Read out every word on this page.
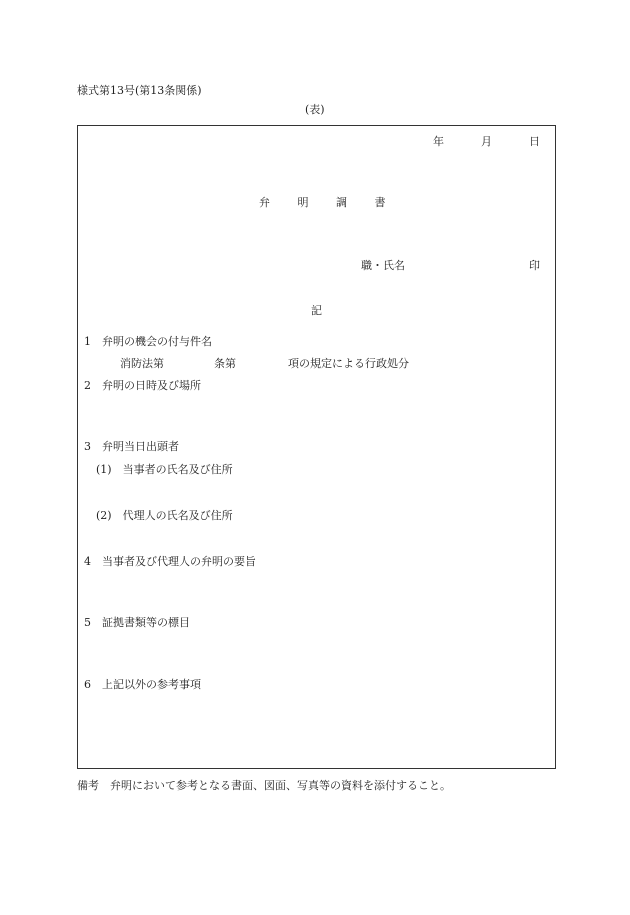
様式第13号(第13条関係)
(表)
年	月	日
弁	明	調	書
職・氏名	印
記
1　弁明の機会の付与件名
消防法第	条第	項の規定による行政処分
2　弁明の日時及び場所
3　弁明当日出頭者
(1)　当事者の氏名及び住所
(2)　代理人の氏名及び住所
4　当事者及び代理人の弁明の要旨
5　証拠書類等の標目
6　上記以外の参考事項
備考　弁明において参考となる書面、図面、写真等の資料を添付すること。
